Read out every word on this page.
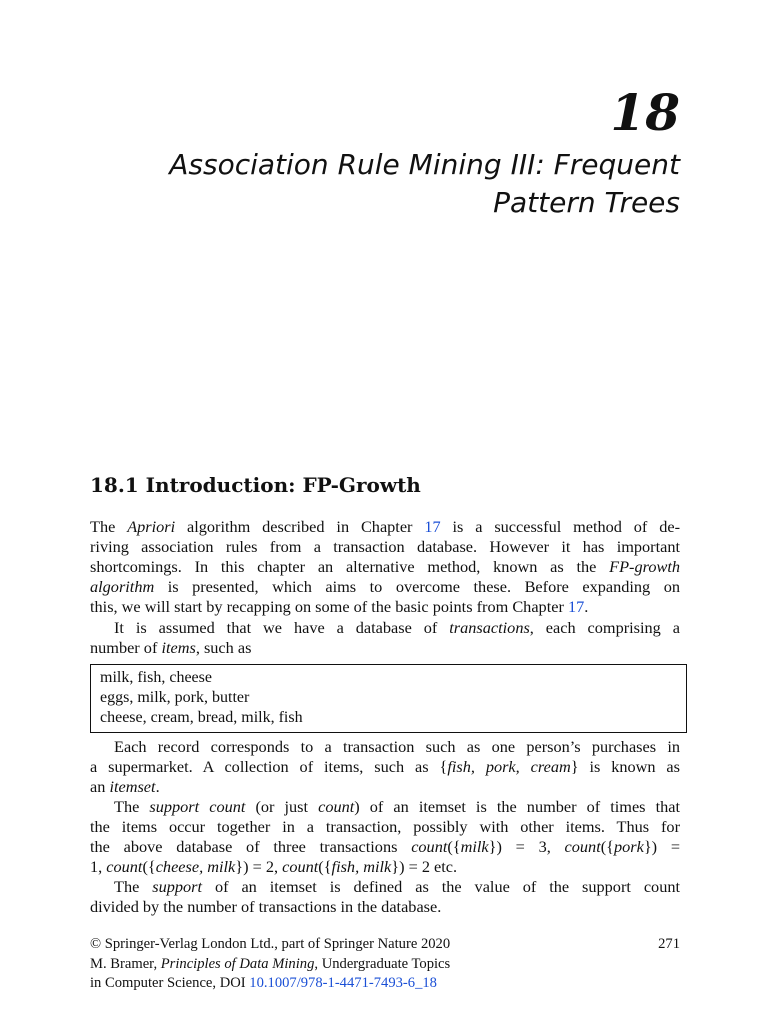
18
Association Rule Mining III: Frequent
Pattern Trees
18.1 Introduction: FP-Growth
The Apriori algorithm described in Chapter 17 is a successful method of de-
riving association rules from a transaction database. However it has important
shortcomings. In this chapter an alternative method, known as the FP-growth
algorithm is presented, which aims to overcome these. Before expanding on
this, we will start by recapping on some of the basic points from Chapter 17.
It is assumed that we have a database of transactions, each comprising a
number of items, such as
milk, fish, cheese
eggs, milk, pork, butter
cheese, cream, bread, milk, fish
Each record corresponds to a transaction such as one person’s purchases in
a supermarket. A collection of items, such as {fish, pork, cream} is known as
an itemset.
The support count (or just count) of an itemset is the number of times that
the items occur together in a transaction, possibly with other items. Thus for
the above database of three transactions count({milk}) = 3, count({pork}) =
1, count({cheese, milk}) = 2, count({fish, milk}) = 2 etc.
The support of an itemset is defined as the value of the support count
divided by the number of transactions in the database.
© Springer-Verlag London Ltd., part of Springer Nature 2020	271
M. Bramer, Principles of Data Mining, Undergraduate Topics
in Computer Science, DOI 10.1007/978-1-4471-7493-6_18
